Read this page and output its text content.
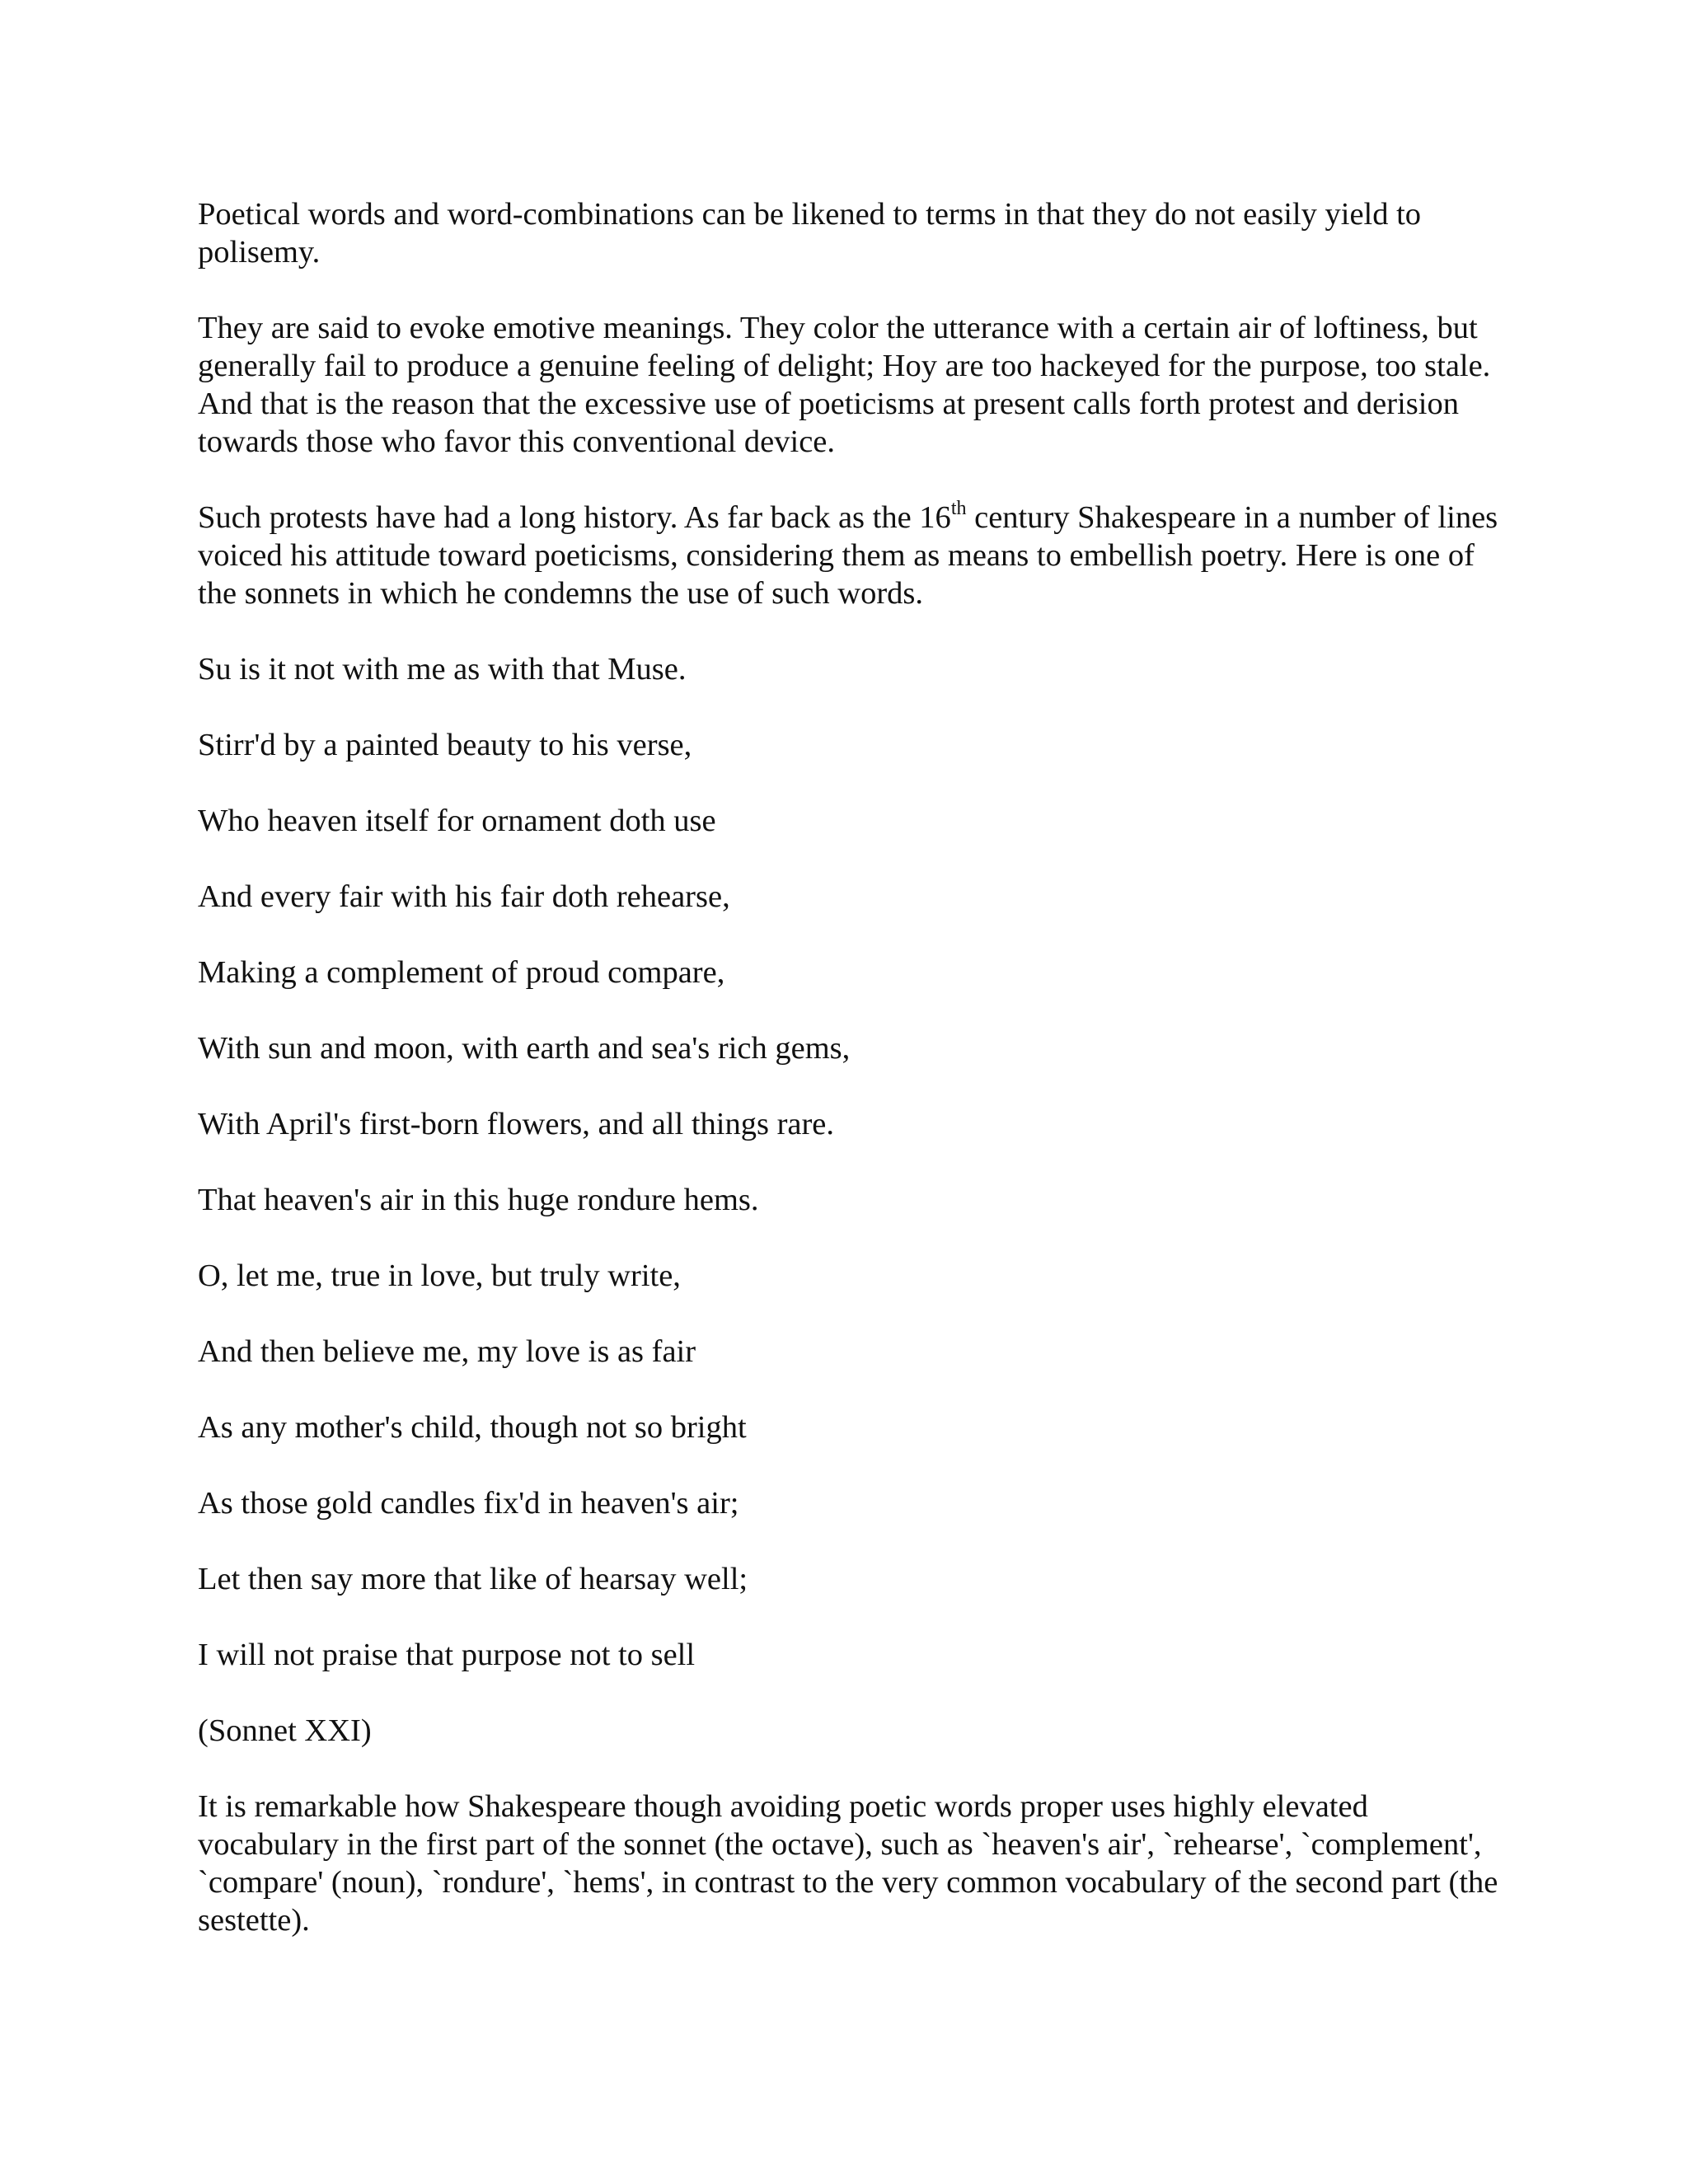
Poetical words and word-combinations can be likened to terms in that they do not easily yield to polisemy.

They are said to evoke emotive meanings. They color the utterance with a certain air of loftiness, but generally fail to produce a genuine feeling of delight; Hoy are too hackeyed for the purpose, too stale. And that is the reason that the excessive use of poeticisms at present calls forth protest and derision towards those who favor this conventional device.

Such protests have had a long history. As far back as the 16th century Shakespeare in a number of lines voiced his attitude toward poeticisms, considering them as means to embellish poetry. Here is one of the sonnets in which he condemns the use of such words.

Su is it not with me as with that Muse.

Stirr'd by a painted beauty to his verse,

Who heaven itself for ornament doth use

And every fair with his fair doth rehearse,

Making a complement of proud compare,

With sun and moon, with earth and sea's rich gems,

With April's first-born flowers, and all things rare.

That heaven's air in this huge rondure hems.

O, let me, true in love, but truly write,

And then believe me, my love is as fair

As any mother's child, though not so bright

As those gold candles fix'd in heaven's air;

Let then say more that like of hearsay well;

I will not praise that purpose not to sell

(Sonnet XXI)

It is remarkable how Shakespeare though avoiding poetic words proper uses highly elevated vocabulary in the first part of the sonnet (the octave), such as `heaven's air', `rehearse', `complement', `compare' (noun), `rondure', `hems', in contrast to the very common vocabulary of the second part (the sestette).
